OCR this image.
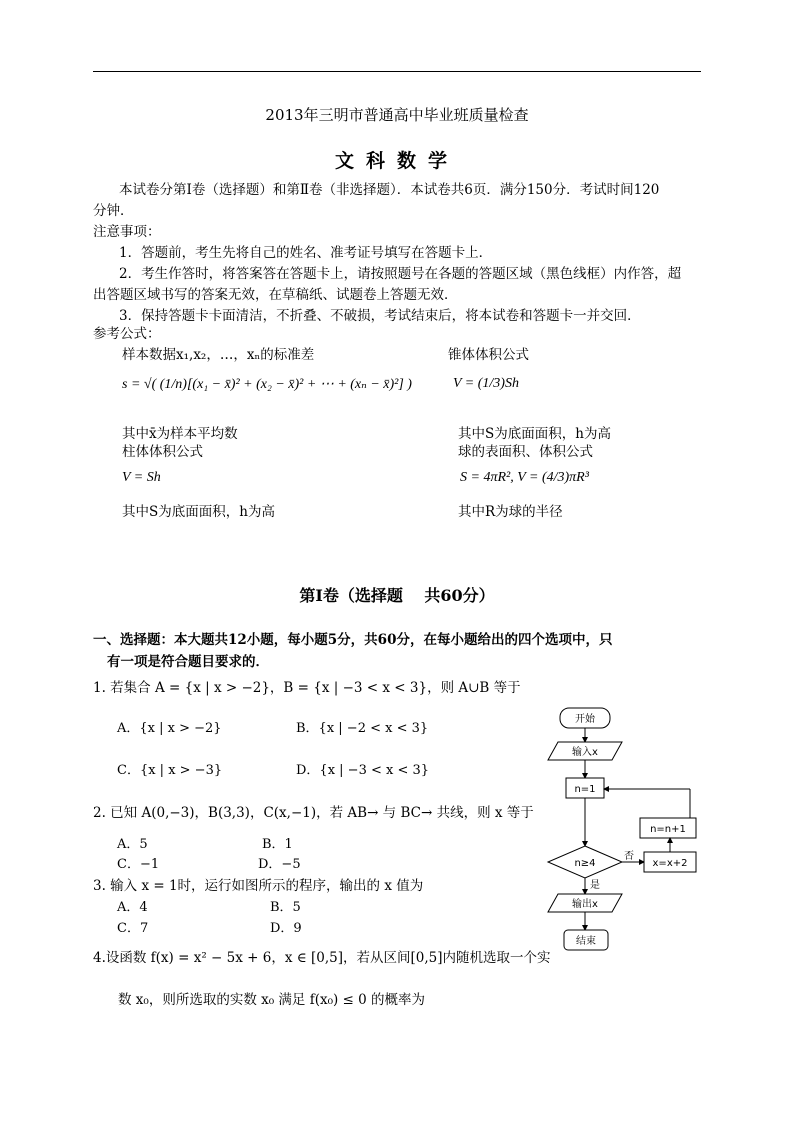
2013年三明市普通高中毕业班质量检查
文科数学
本试卷分第Ⅰ卷（选择题）和第Ⅱ卷（非选择题）．本试卷共6页．满分150分．考试时间120
分钟．
注意事项：
1．答题前，考生先将自己的姓名、准考证号填写在答题卡上．
2．考生作答时，将答案答在答题卡上，请按照题号在各题的答题区域（黑色线框）内作答，超
出答题区域书写的答案无效，在草稿纸、试题卷上答题无效．
3．保持答题卡卡面清洁，不折叠、不破损，考试结束后，将本试卷和答题卡一并交回．
参考公式：
样本数据x₁,x₂，…，xₙ的标准差
s = √( (1/n)[(x₁ − x̄)² + (x₂ − x̄)² + ⋯ + (xₙ − x̄)²] )
其中x̄为样本平均数
锥体体积公式
V = (1/3)Sh
其中S为底面面积，h为高
柱体体积公式
V = Sh
其中S为底面面积，h为高
球的表面积、体积公式
S = 4πR², V = (4/3)πR³
其中R为球的半径
第Ⅰ卷（选择题　 共60分）
一、选择题：本大题共12小题，每小题5分，共60分，在每小题给出的四个选项中，只
有一项是符合题目要求的．
1. 若集合 A = {x | x > −2}，B = {x | −3 < x < 3}，则 A∪B 等于
A．{x | x > −2}	B．{x | −2 < x < 3}
C．{x | x > −3}	D．{x | −3 < x < 3}
2. 已知 A(0,−3)，B(3,3)，C(x,−1)，若 AB→ 与 BC→ 共线，则 x 等于
A．5	B．1
C．−1	D．−5
3. 输入 x = 1时，运行如图所示的程序，输出的 x 值为
A．4	B．5
C．7	D．9
4.设函数 f(x) = x² − 5x + 6，x ∈ [0,5]，若从区间[0,5]内随机选取一个实
数 x₀，则所选取的实数 x₀ 满足 f(x₀) ≤ 0 的概率为
开始
输入x
n=1
n=n+1
n≥4
否
x=x+2
是
输出x
结束
